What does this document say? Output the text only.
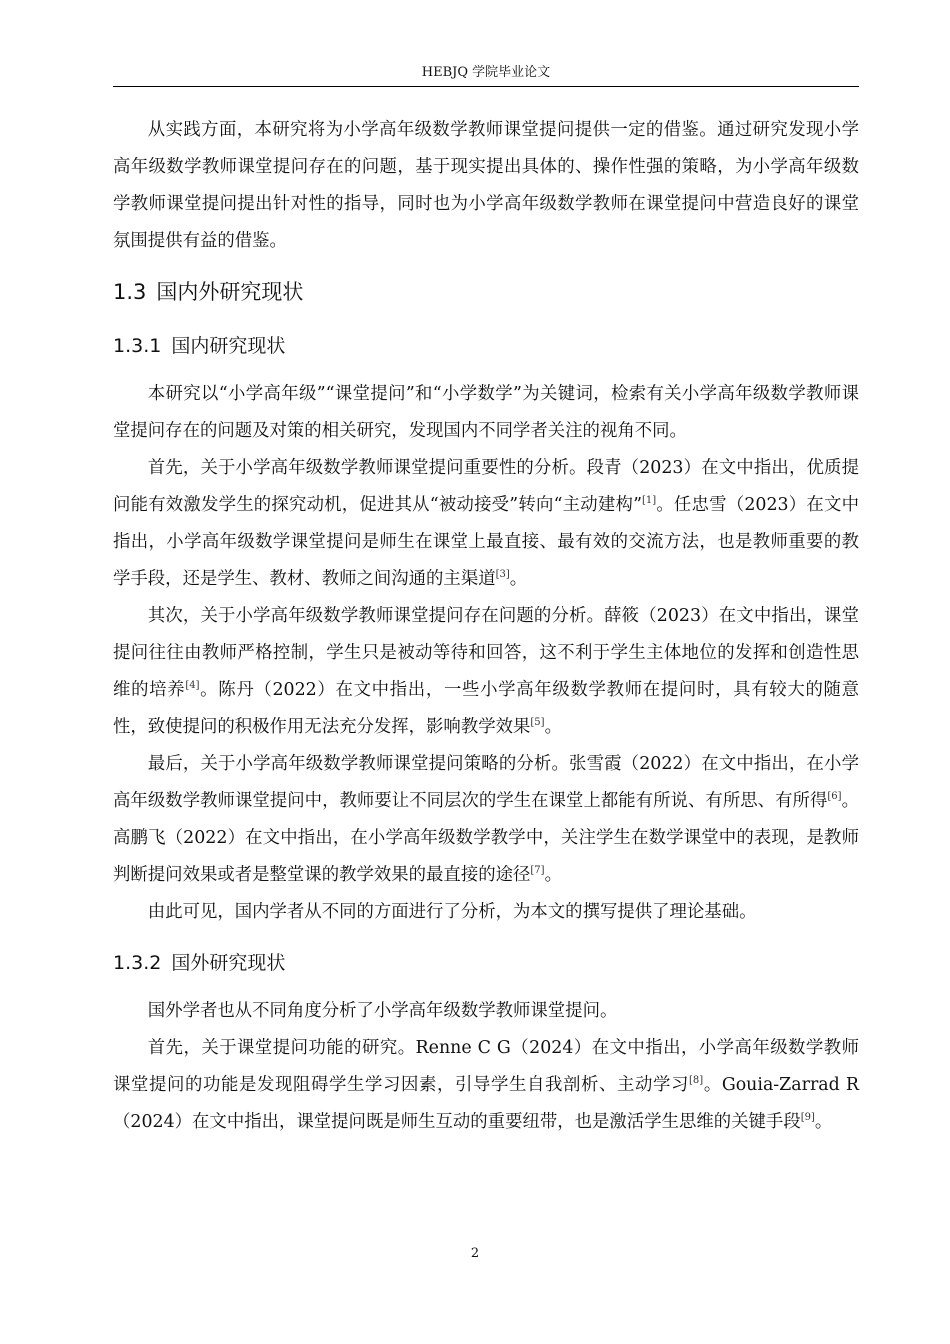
HEBJQ 学院毕业论文

从实践方面，本研究将为小学高年级数学教师课堂提问提供一定的借鉴。通过研究发现小学高年级数学教师课堂提问存在的问题，基于现实提出具体的、操作性强的策略，为小学高年级数学教师课堂提问提出针对性的指导，同时也为小学高年级数学教师在课堂提问中营造良好的课堂氛围提供有益的借鉴。

1.3 国内外研究现状
1.3.1 国内研究现状

本研究以“小学高年级”“课堂提问”和“小学数学”为关键词，检索有关小学高年级数学教师课堂提问存在的问题及对策的相关研究，发现国内不同学者关注的视角不同。

首先，关于小学高年级数学教师课堂提问重要性的分析。段青（2023）在文中指出，优质提问能有效激发学生的探究动机，促进其从“被动接受”转向“主动建构”[1]。任忠雪（2023）在文中指出，小学高年级数学课堂提问是师生在课堂上最直接、最有效的交流方法，也是教师重要的教学手段，还是学生、教材、教师之间沟通的主渠道[3]。

其次，关于小学高年级数学教师课堂提问存在问题的分析。薛筱（2023）在文中指出，课堂提问往往由教师严格控制，学生只是被动等待和回答，这不利于学生主体地位的发挥和创造性思维的培养[4]。陈丹（2022）在文中指出，一些小学高年级数学教师在提问时，具有较大的随意性，致使提问的积极作用无法充分发挥，影响教学效果[5]。

最后，关于小学高年级数学教师课堂提问策略的分析。张雪霞（2022）在文中指出，在小学高年级数学教师课堂提问中，教师要让不同层次的学生在课堂上都能有所说、有所思、有所得[6]。高鹏飞（2022）在文中指出，在小学高年级数学教学中，关注学生在数学课堂中的表现，是教师判断提问效果或者是整堂课的教学效果的最直接的途径[7]。

由此可见，国内学者从不同的方面进行了分析，为本文的撰写提供了理论基础。

1.3.2 国外研究现状

国外学者也从不同角度分析了小学高年级数学教师课堂提问。

首先，关于课堂提问功能的研究。Renne C G（2024）在文中指出，小学高年级数学教师课堂提问的功能是发现阻碍学生学习因素，引导学生自我剖析、主动学习[8]。Gouia-Zarrad R（2024）在文中指出，课堂提问既是师生互动的重要纽带，也是激活学生思维的关键手段[9]。

2
